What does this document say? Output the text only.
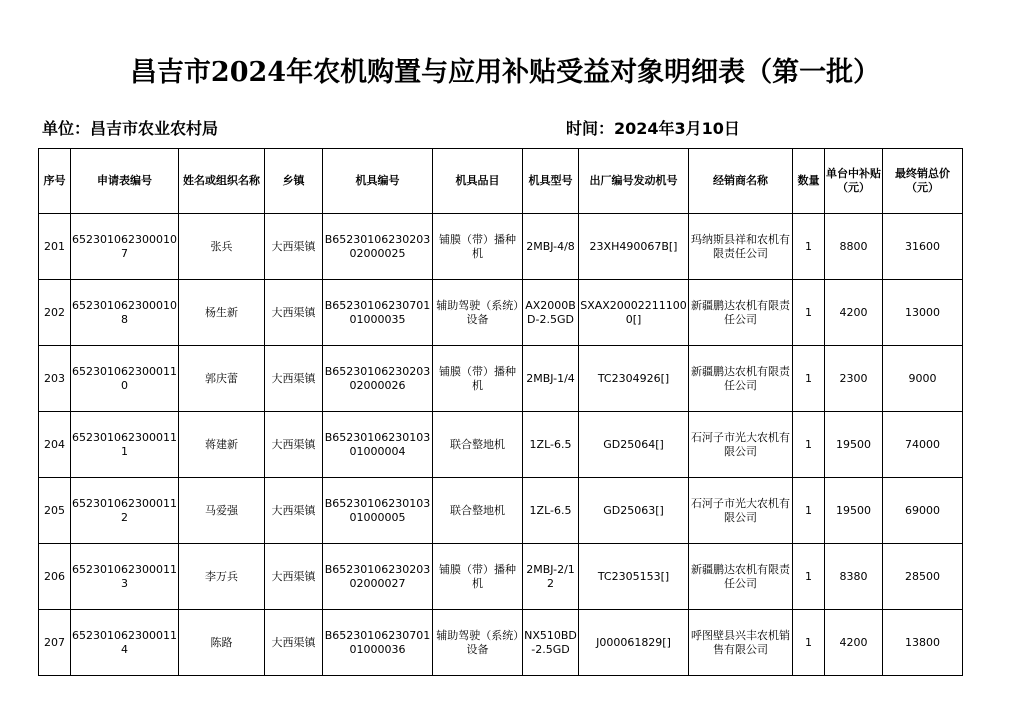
昌吉市2024年农机购置与应用补贴受益对象明细表（第一批）
单位：昌吉市农业农村局	时间：2024年3月10日
序号	申请表编号	姓名或组织名称	乡镇	机具编号	机具品目	机具型号	出厂编号发动机号	经销商名称	数量	单台中补贴（元）	最终销总价（元）
201	6523010623000107	张兵	大西渠镇	B6523010623020302000025	铺膜（带）播种机	2MBJ-4/8	23XH490067B[]	玛纳斯县祥和农机有限责任公司	1	8800	31600
202	6523010623000108	杨生新	大西渠镇	B6523010623070101000035	辅助驾驶（系统）设备	AX2000BD-2.5GD	SXAX200022111000[]	新疆鹏达农机有限责任公司	1	4200	13000
203	6523010623000110	郭庆蕾	大西渠镇	B6523010623020302000026	铺膜（带）播种机	2MBJ-1/4	TC2304926[]	新疆鹏达农机有限责任公司	1	2300	9000
204	6523010623000111	蒋建新	大西渠镇	B6523010623010301000004	联合整地机	1ZL-6.5	GD25064[]	石河子市光大农机有限公司	1	19500	74000
205	6523010623000112	马爱强	大西渠镇	B6523010623010301000005	联合整地机	1ZL-6.5	GD25063[]	石河子市光大农机有限公司	1	19500	69000
206	6523010623000113	李万兵	大西渠镇	B6523010623020302000027	铺膜（带）播种机	2MBJ-2/12	TC2305153[]	新疆鹏达农机有限责任公司	1	8380	28500
207	6523010623000114	陈路	大西渠镇	B6523010623070101000036	辅助驾驶（系统）设备	NX510BD-2.5GD	J000061829[]	呼图壁县兴丰农机销售有限公司	1	4200	13800
